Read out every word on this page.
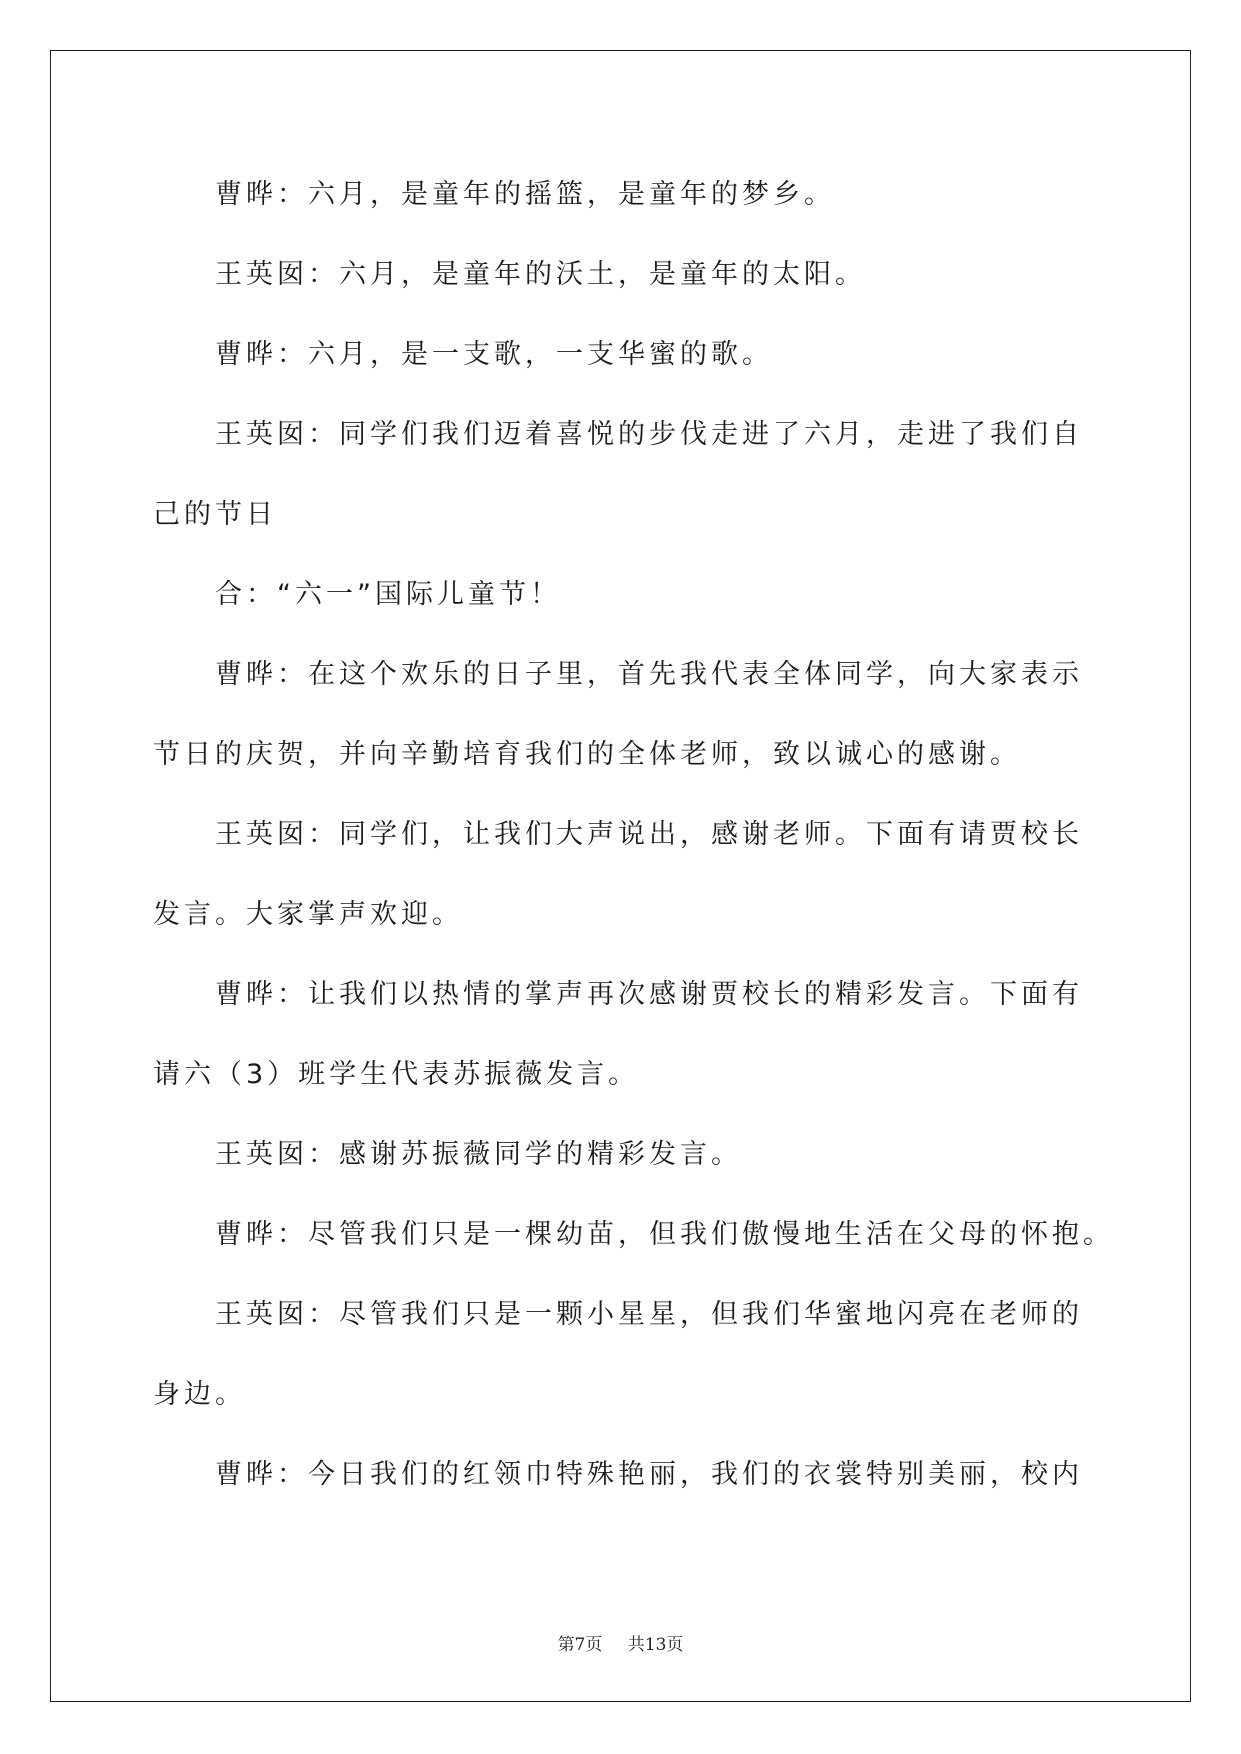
曹晔：六月，是童年的摇篮，是童年的梦乡。
王英囡：六月，是童年的沃土，是童年的太阳。
曹晔：六月，是一支歌，一支华蜜的歌。
王英囡：同学们我们迈着喜悦的步伐走进了六月，走进了我们自
己的节日
合：“六一”国际儿童节！
曹晔：在这个欢乐的日子里，首先我代表全体同学，向大家表示
节日的庆贺，并向辛勤培育我们的全体老师，致以诚心的感谢。
王英囡：同学们，让我们大声说出，感谢老师。下面有请贾校长
发言。大家掌声欢迎。
曹晔：让我们以热情的掌声再次感谢贾校长的精彩发言。下面有
请六（3）班学生代表苏振薇发言。
王英囡：感谢苏振薇同学的精彩发言。
曹晔：尽管我们只是一棵幼苗，但我们傲慢地生活在父母的怀抱。
王英囡：尽管我们只是一颗小星星，但我们华蜜地闪亮在老师的
身边。
曹晔：今日我们的红领巾特殊艳丽，我们的衣裳特别美丽，校内
第7页 共13页
